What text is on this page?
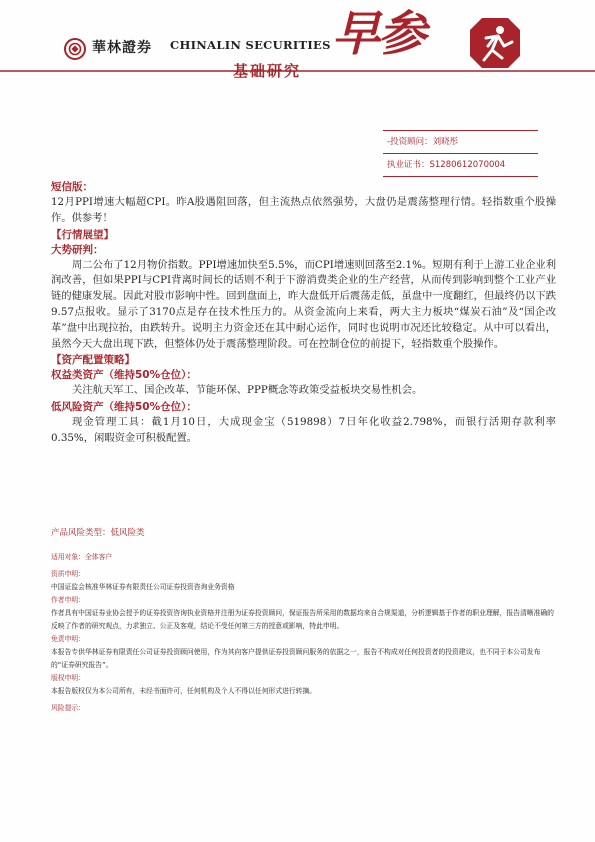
華林證券 CHINALIN SECURITIES
基础研究
早参
-投资顾问：刘晓彤
执业证书：S1280612070004
短信版：

12月PPI增速大幅超CPI。昨A股遇阻回落，但主流热点依然强势，大盘仍是震荡整理行情。轻指数重个股操作。供参考！

【行情展望】
大势研判：

周二公布了12月物价指数。PPI增速加快至5.5%，而CPI增速则回落至2.1%。短期有利于上游工业企业利润改善，但如果PPI与CPI背离时间长的话则不利于下游消费类企业的生产经营，从而传到影响到整个工业产业链的健康发展。因此对股市影响中性。回到盘面上，昨大盘低开后震荡走低，虽盘中一度翻红，但最终仍以下跌9.57点报收。显示了3170点是存在技术性压力的。从资金流向上来看，两大主力板块“煤炭石油”及“国企改革”盘中出现拉抬，由跌转升。说明主力资金还在其中耐心运作，同时也说明市况还比较稳定。从中可以看出，虽然今天大盘出现下跌，但整体仍处于震荡整理阶段。可在控制仓位的前提下，轻指数重个股操作。

【资产配置策略】
权益类资产（维持50%仓位）：

关注航天军工、国企改革、节能环保、PPP概念等政策受益板块交易性机会。

低风险资产（维持50%仓位）：

现金管理工具：截1月10日，大成现金宝（519898）7日年化收益2.798%，而银行活期存款利率0.35%，闲暇资金可积极配置。

产品风险类型：低风险类
适用对象：全体客户
资质申明：
中国证监会核准华林证券有限责任公司证券投资咨询业务资格
作者申明：
作者具有中国证券业协会授予的证券投资咨询执业资格并注册为证券投资顾问，保证报告所采用的数据均来自合规渠道，分析逻辑基于作者的职业理解，报告清晰准确的反映了作者的研究观点，力求独立、公正及客观，结论不受任何第三方的授意或影响，特此申明。
免责申明：
本报告专供华林证券有限责任公司证券投资顾问使用，作为其向客户提供证券投资顾问服务的依据之一，报告不构成对任何投资者的投资建议，也不同于本公司发布的“证券研究报告”。
版权申明：
本报告版权仅为本公司所有，未经书面许可，任何机构及个人不得以任何形式进行转摘。
风险提示：
